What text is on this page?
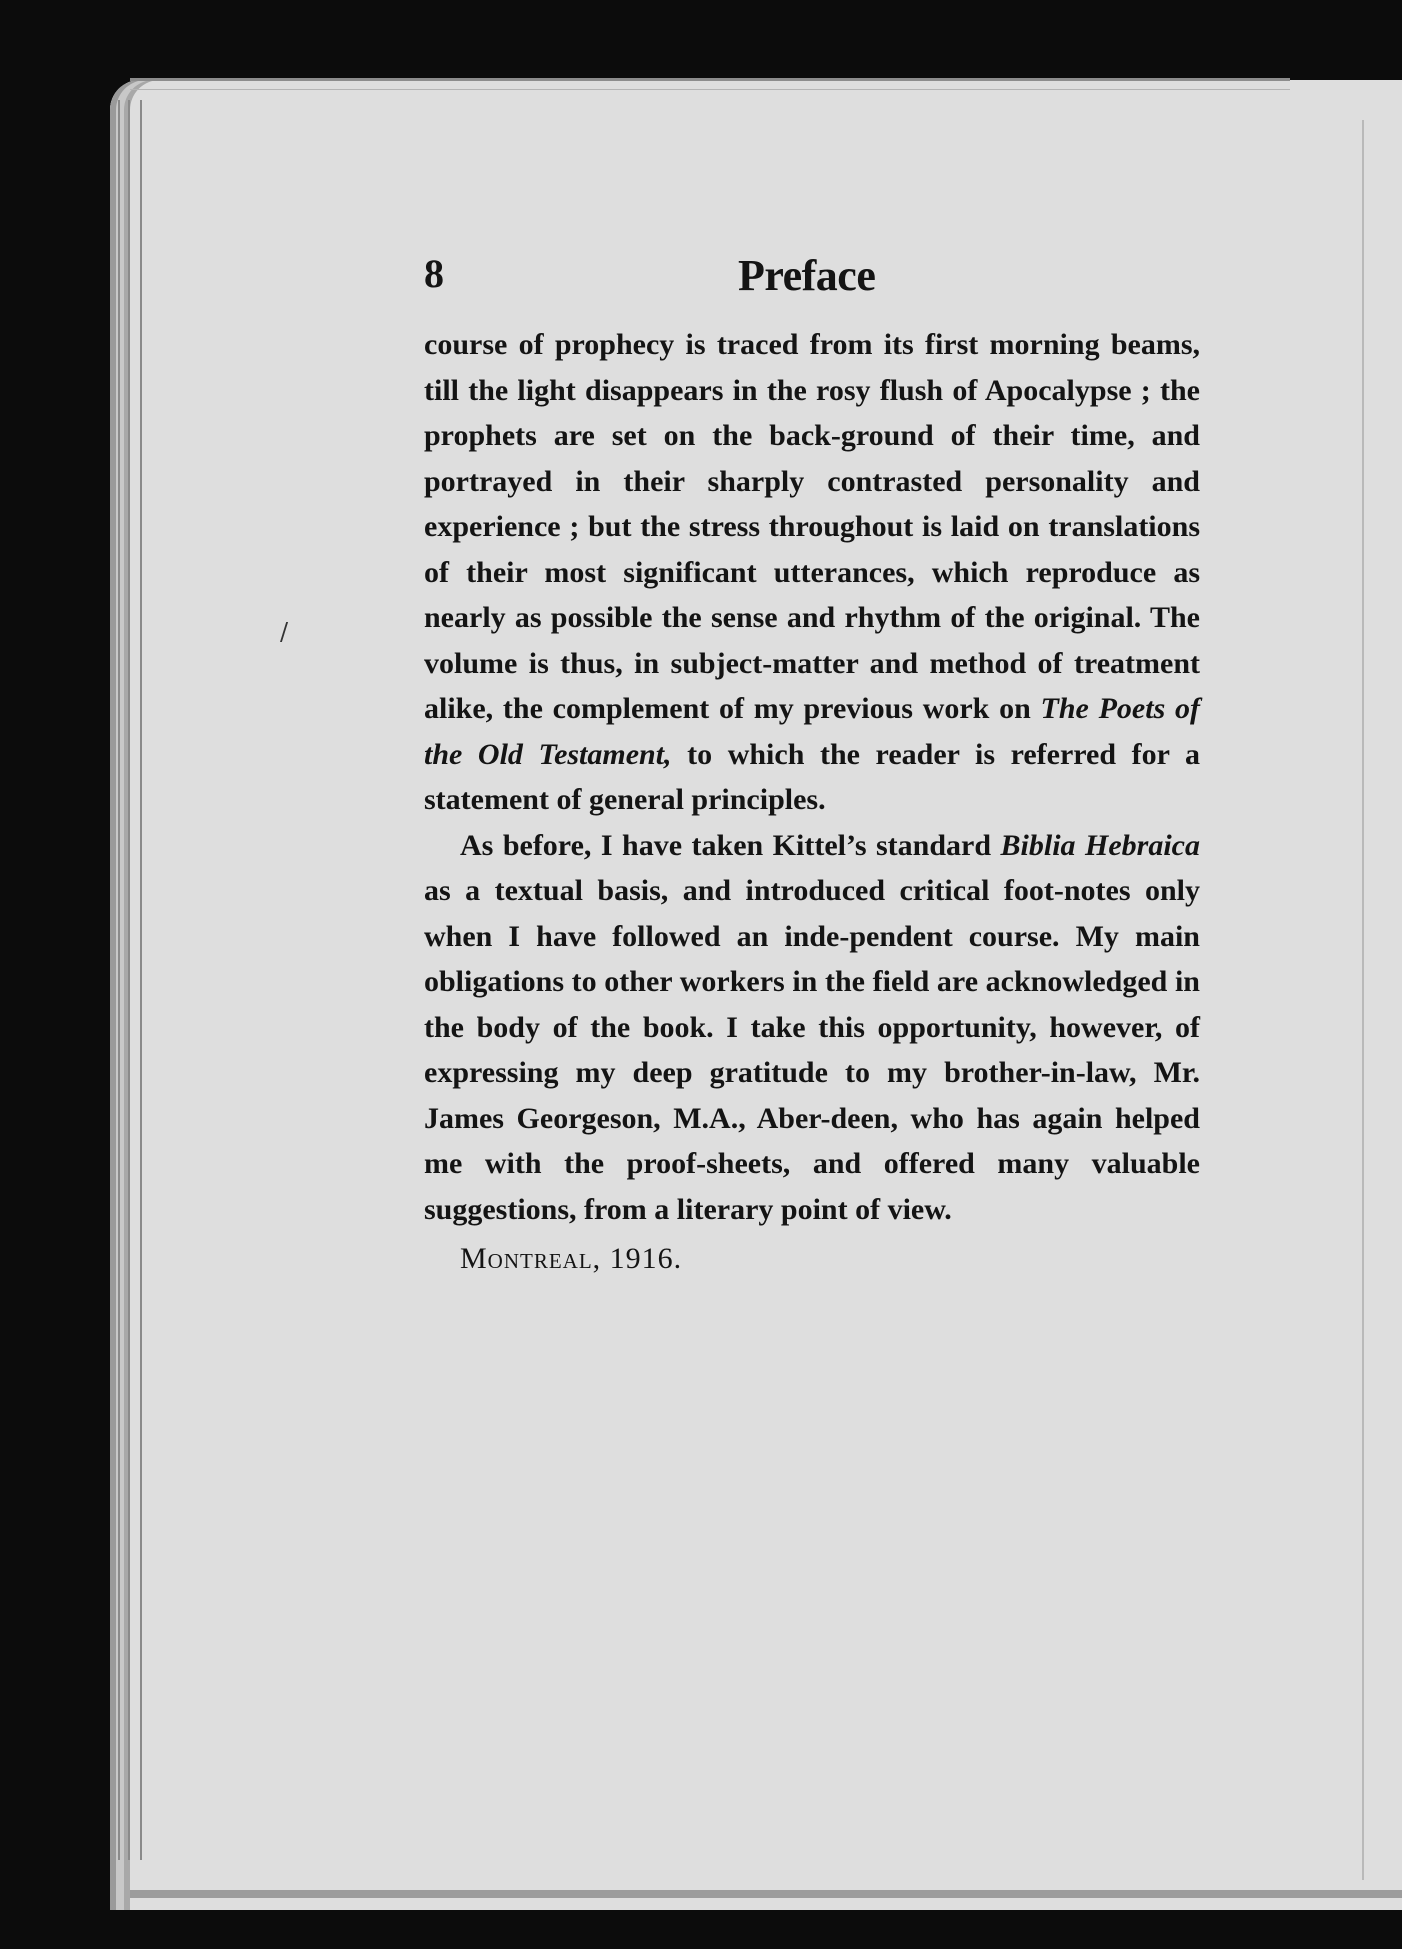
/
8	Preface

course of prophecy is traced from its first morning beams, till the light disappears in the rosy flush of Apocalypse ; the prophets are set on the back-ground of their time, and portrayed in their sharply contrasted personality and experience ; but the stress throughout is laid on translations of their most significant utterances, which reproduce as nearly as possible the sense and rhythm of the original. The volume is thus, in subject-matter and method of treatment alike, the complement of my previous work on The Poets of the Old Testament, to which the reader is referred for a statement of general principles.

As before, I have taken Kittel’s standard Biblia Hebraica as a textual basis, and introduced critical foot-notes only when I have followed an inde-pendent course. My main obligations to other workers in the field are acknowledged in the body of the book. I take this opportunity, however, of expressing my deep gratitude to my brother-in-law, Mr. James Georgeson, M.A., Aber-deen, who has again helped me with the proof-sheets, and offered many valuable suggestions, from a literary point of view.

Montreal, 1916.
